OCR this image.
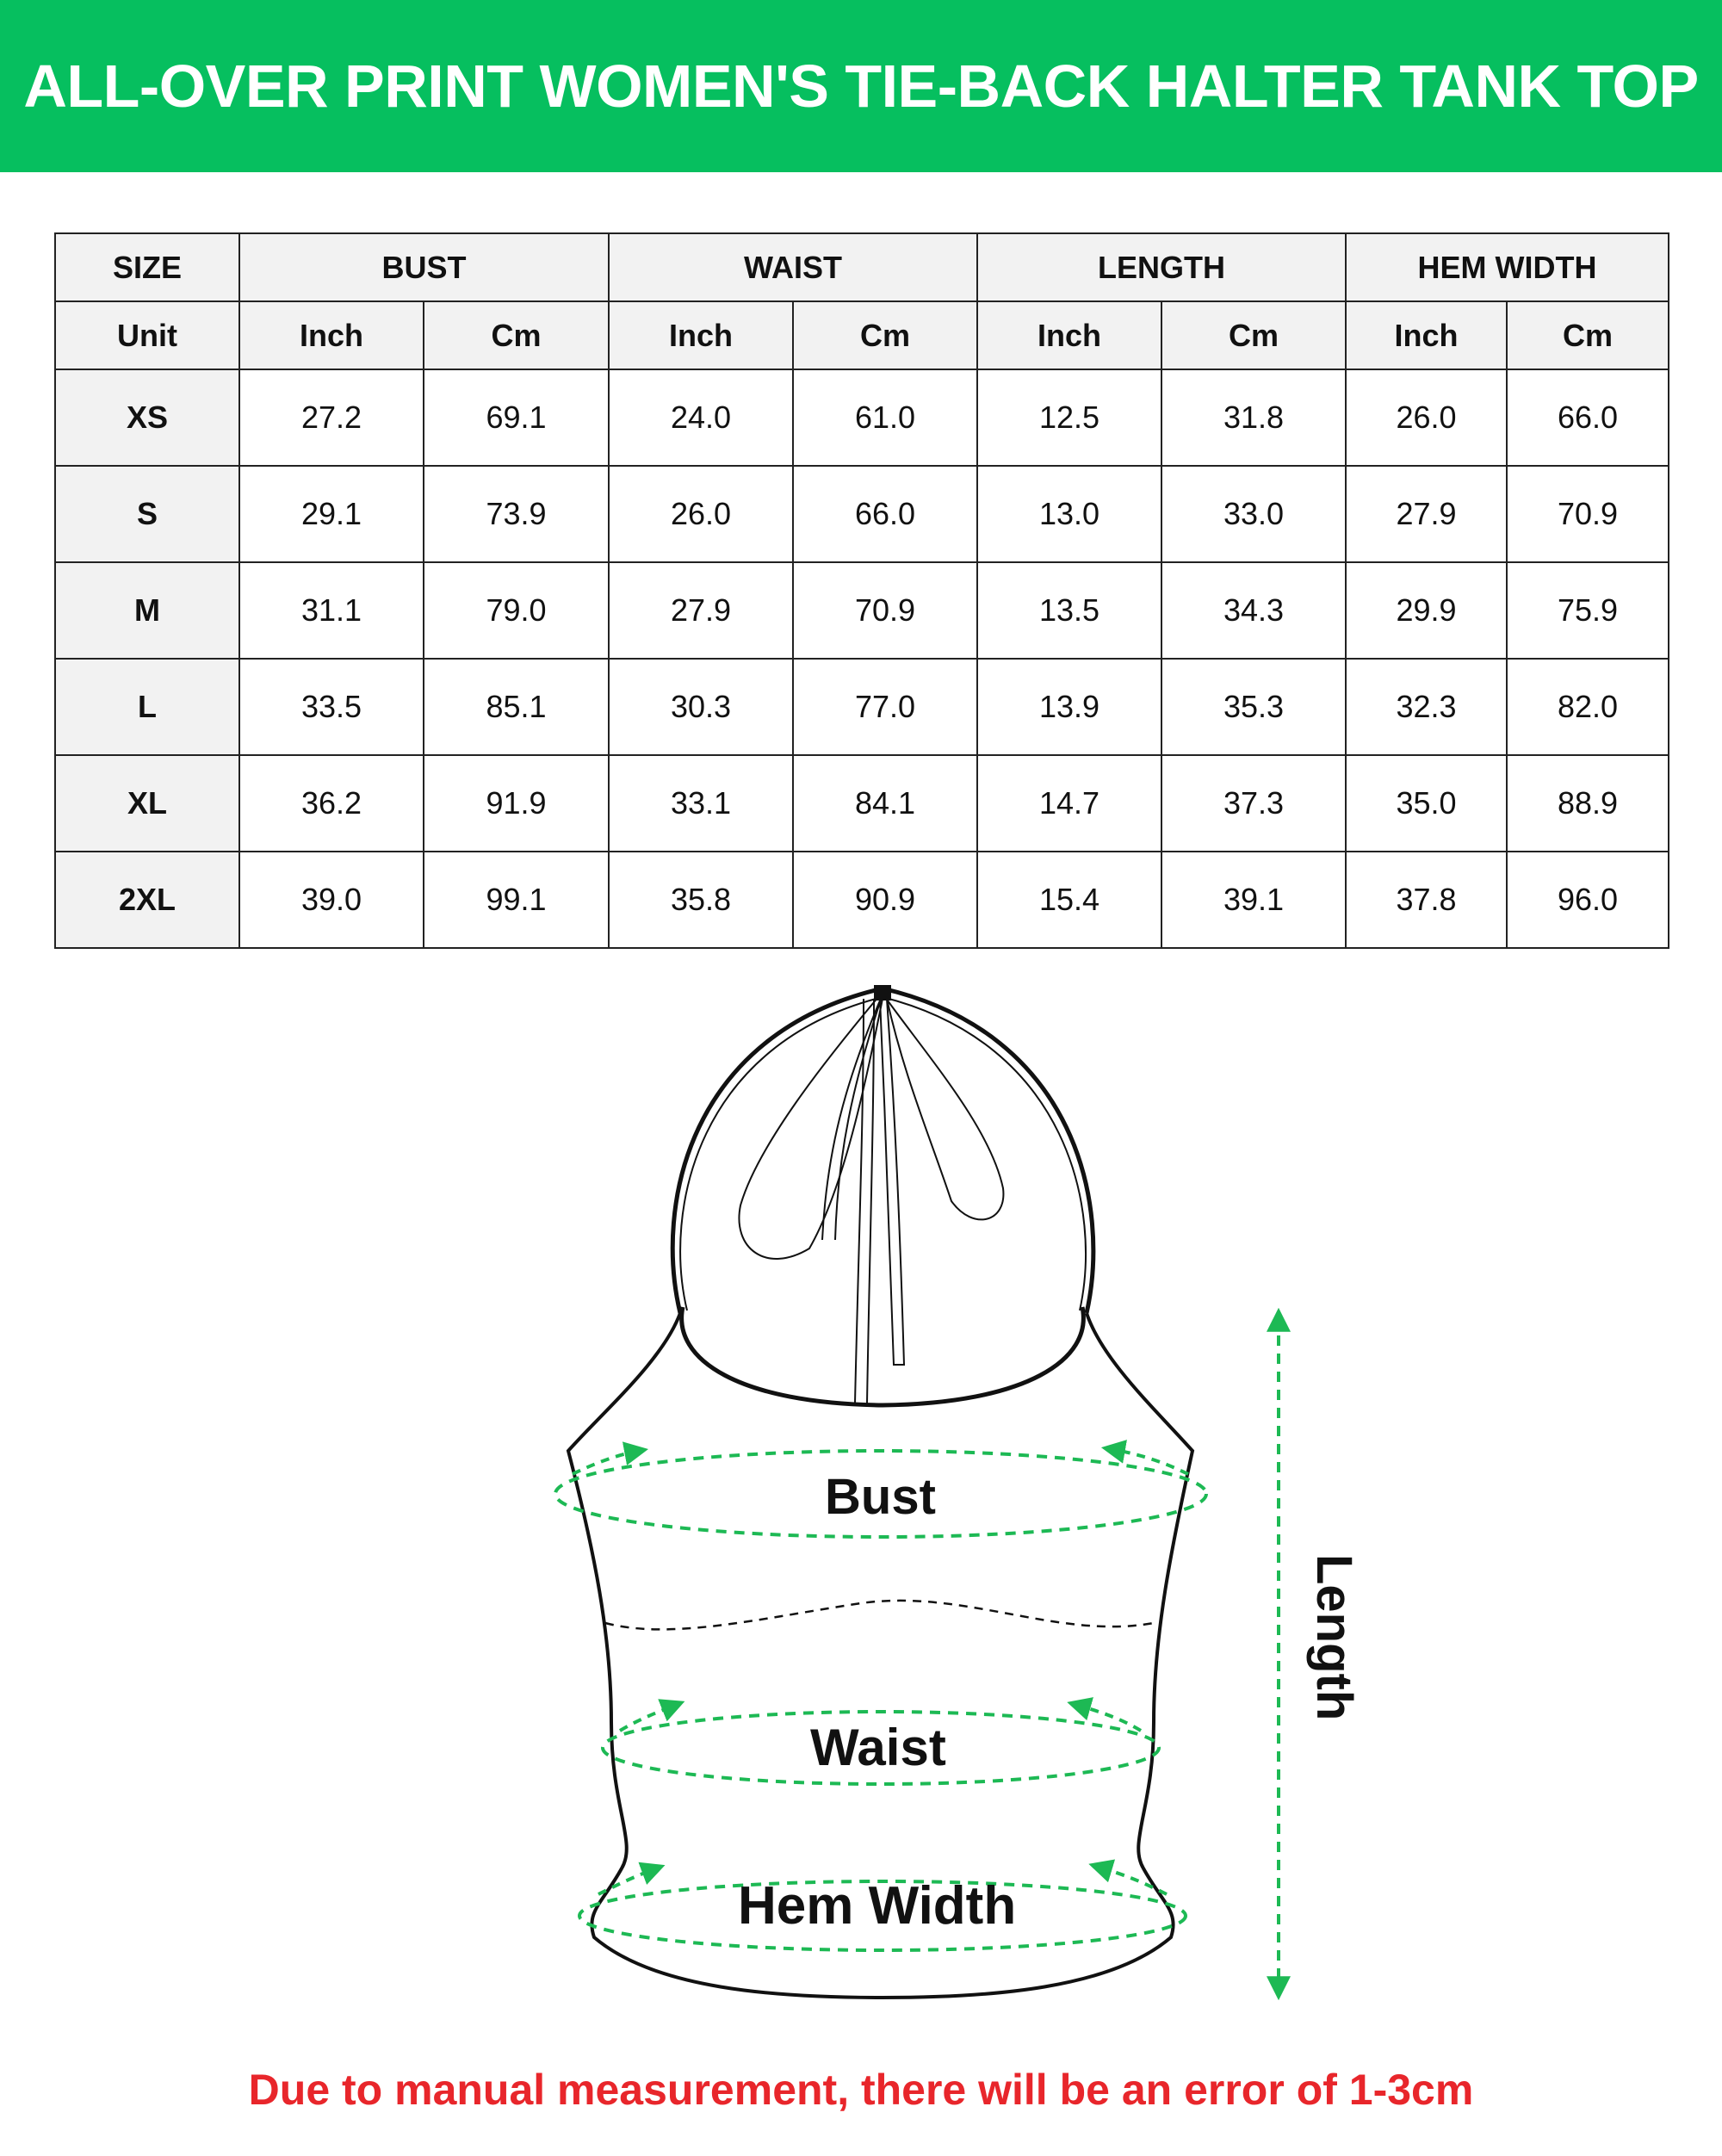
ALL-OVER PRINT WOMEN'S TIE-BACK HALTER TANK TOP
SIZE	BUST		WAIST		LENGTH		HEM WIDTH	
Unit	Inch	Cm	Inch	Cm	Inch	Cm	Inch	Cm
XS	27.2	69.1	24.0	61.0	12.5	31.8	26.0	66.0
S	29.1	73.9	26.0	66.0	13.0	33.0	27.9	70.9
M	31.1	79.0	27.9	70.9	13.5	34.3	29.9	75.9
L	33.5	85.1	30.3	77.0	13.9	35.3	32.3	82.0
XL	36.2	91.9	33.1	84.1	14.7	37.3	35.0	88.9
2XL	39.0	99.1	35.8	90.9	15.4	39.1	37.8	96.0
Bust
Waist
Hem Width
Length
Due to manual measurement, there will be an error of 1-3cm
